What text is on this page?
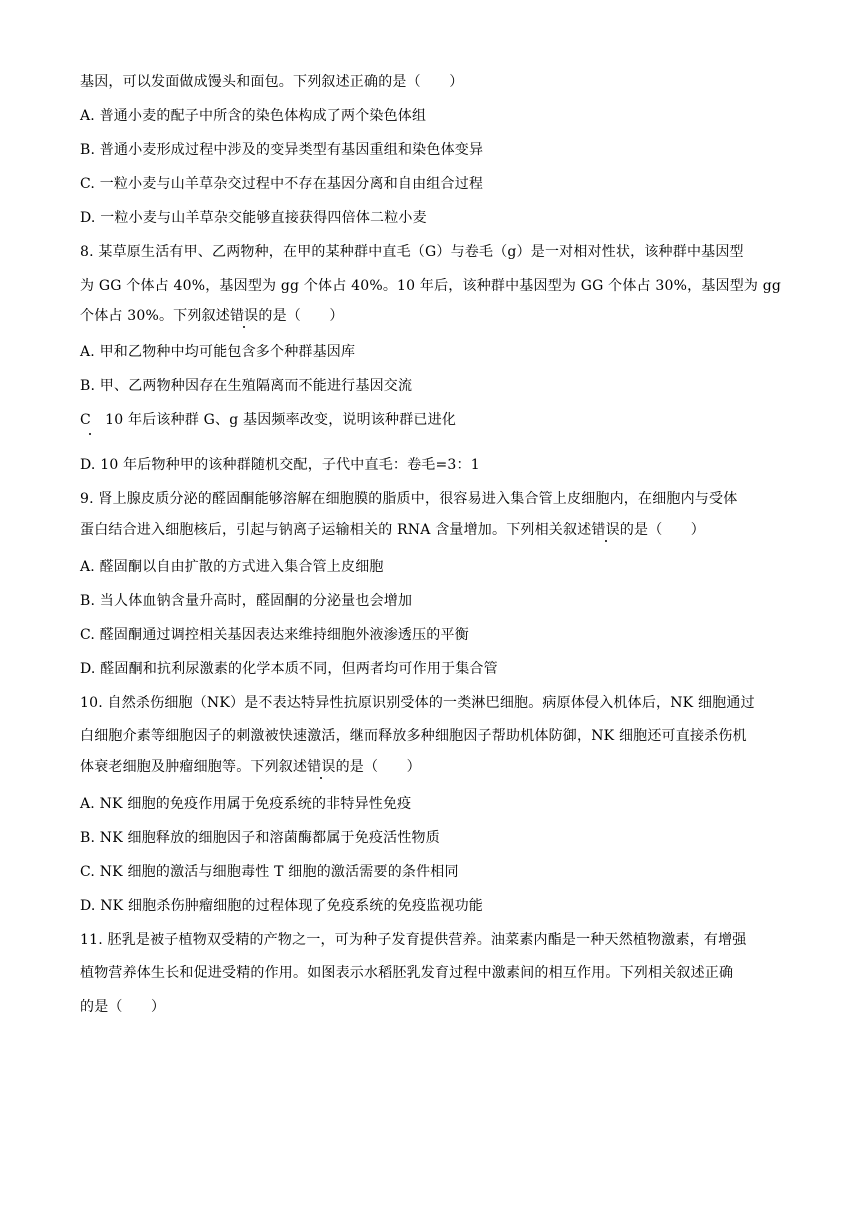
基因，可以发面做成馒头和面包。下列叙述正确的是（　　）
A. 普通小麦的配子中所含的染色体构成了两个染色体组
B. 普通小麦形成过程中涉及的变异类型有基因重组和染色体变异
C. 一粒小麦与山羊草杂交过程中不存在基因分离和自由组合过程
D. 一粒小麦与山羊草杂交能够直接获得四倍体二粒小麦
8. 某草原生活有甲、乙两物种，在甲的某种群中直毛（G）与卷毛（g）是一对相对性状，该种群中基因型
为 GG 个体占 40%，基因型为 gg 个体占 40%。10 年后，该种群中基因型为 GG 个体占 30%，基因型为 gg
个体占 30%。下列叙述错误的是（　　）
A. 甲和乙物种中均可能包含多个种群基因库
B. 甲、乙两物种因存在生殖隔离而不能进行基因交流
C　10 年后该种群 G、g 基因频率改变，说明该种群已进化
D. 10 年后物种甲的该种群随机交配，子代中直毛：卷毛=3：1
9. 肾上腺皮质分泌的醛固酮能够溶解在细胞膜的脂质中，很容易进入集合管上皮细胞内，在细胞内与受体
蛋白结合进入细胞核后，引起与钠离子运输相关的 RNA 含量增加。下列相关叙述错误的是（　　）
A. 醛固酮以自由扩散的方式进入集合管上皮细胞
B. 当人体血钠含量升高时，醛固酮的分泌量也会增加
C. 醛固酮通过调控相关基因表达来维持细胞外液渗透压的平衡
D. 醛固酮和抗利尿激素的化学本质不同，但两者均可作用于集合管
10. 自然杀伤细胞（NK）是不表达特异性抗原识别受体的一类淋巴细胞。病原体侵入机体后，NK 细胞通过
白细胞介素等细胞因子的刺激被快速激活，继而释放多种细胞因子帮助机体防御，NK 细胞还可直接杀伤机
体衰老细胞及肿瘤细胞等。下列叙述错误的是（　　）
A. NK 细胞的免疫作用属于免疫系统的非特异性免疫
B. NK 细胞释放的细胞因子和溶菌酶都属于免疫活性物质
C. NK 细胞的激活与细胞毒性 T 细胞的激活需要的条件相同
D. NK 细胞杀伤肿瘤细胞的过程体现了免疫系统的免疫监视功能
11. 胚乳是被子植物双受精的产物之一，可为种子发育提供营养。油菜素内酯是一种天然植物激素，有增强
植物营养体生长和促进受精的作用。如图表示水稻胚乳发育过程中激素间的相互作用。下列相关叙述正确
的是（　　）
